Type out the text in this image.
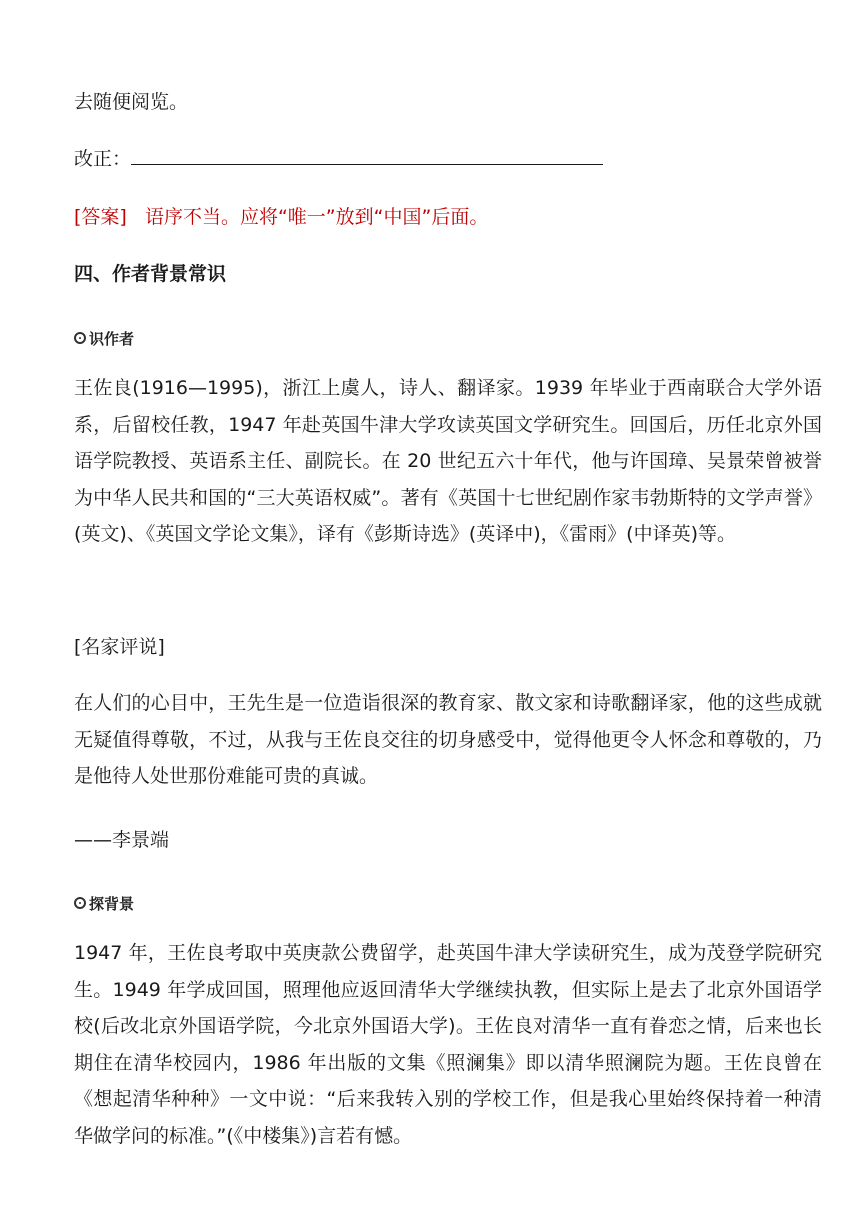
去随便阅览。

改正：

[答案] 语序不当。应将“唯一”放到“中国”后面。

四、作者背景常识

识作者

王佐良(1916—1995)，浙江上虞人，诗人、翻译家。1939 年毕业于西南联合大学外语系，后留校任教，1947 年赴英国牛津大学攻读英国文学研究生。回国后，历任北京外国语学院教授、英语系主任、副院长。在 20 世纪五六十年代，他与许国璋、吴景荣曾被誉为中华人民共和国的“三大英语权威”。著有《英国十七世纪剧作家韦勃斯特的文学声誉》(英文)、《英国文学论文集》，译有《彭斯诗选》(英译中)，《雷雨》(中译英)等。

[名家评说]

在人们的心目中，王先生是一位造诣很深的教育家、散文家和诗歌翻译家，他的这些成就无疑值得尊敬，不过，从我与王佐良交往的切身感受中，觉得他更令人怀念和尊敬的，乃是他待人处世那份难能可贵的真诚。

——李景端

探背景

1947 年，王佐良考取中英庚款公费留学，赴英国牛津大学读研究生，成为茂登学院研究生。1949 年学成回国，照理他应返回清华大学继续执教，但实际上是去了北京外国语学校(后改北京外国语学院，今北京外国语大学)。王佐良对清华一直有眷恋之情，后来也长期住在清华校园内，1986 年出版的文集《照澜集》即以清华照澜院为题。王佐良曾在《想起清华种种》一文中说：“后来我转入别的学校工作，但是我心里始终保持着一种清华做学问的标准。”(《中楼集》)言若有憾。
